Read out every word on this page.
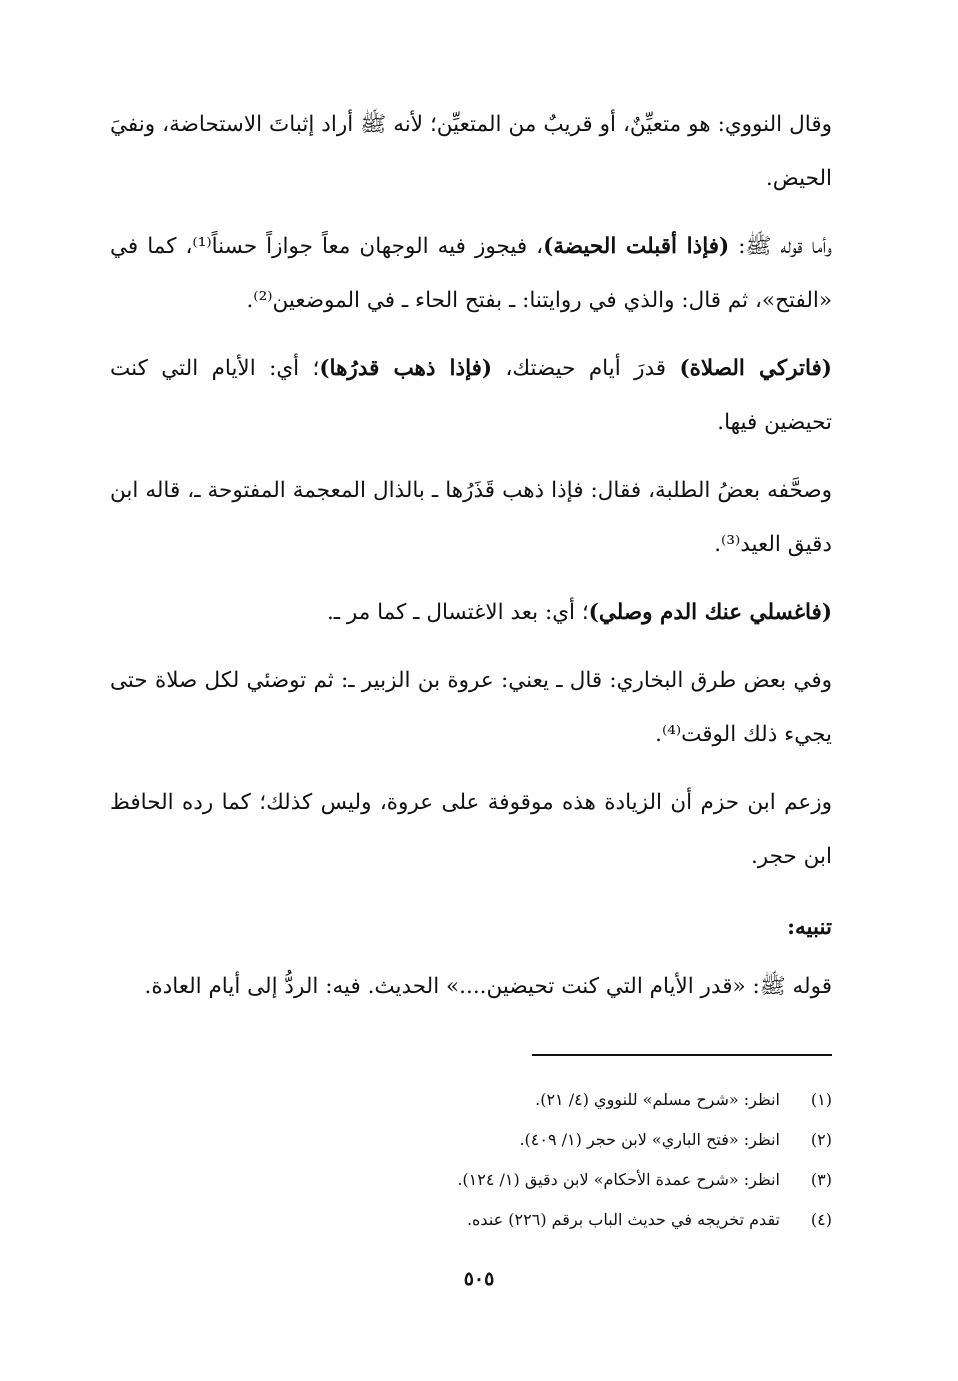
وقال النووي: هو متعيِّنٌ، أو قريبٌ من المتعيِّن؛ لأنه ﷺ أراد إثباتَ الاستحاضة، ونفيَ الحيض.

وأما قوله ﷺ: (فإذا أقبلت الحيضة)، فيجوز فيه الوجهان معاً جوازاً حسناً⁽¹⁾، كما في «الفتح»، ثم قال: والذي في روايتنا: ـ بفتح الحاء ـ في الموضعين⁽²⁾.

(فاتركي الصلاة) قدرَ أيام حيضتك، (فإذا ذهب قدرُها)؛ أي: الأيام التي كنت تحيضين فيها.

وصحَّفه بعضُ الطلبة، فقال: فإذا ذهب قَذَرُها ـ بالذال المعجمة المفتوحة ـ، قاله ابن دقيق العيد⁽³⁾.

(فاغسلي عنك الدم وصلي)؛ أي: بعد الاغتسال ـ كما مر ـ.

وفي بعض طرق البخاري: قال ـ يعني: عروة بن الزبير ـ: ثم توضئي لكل صلاة حتى يجيء ذلك الوقت⁽⁴⁾.

وزعم ابن حزم أن الزيادة هذه موقوفة على عروة، وليس كذلك؛ كما رده الحافظ ابن حجر.

تنبيه:

قوله ﷺ: «قدر الأيام التي كنت تحيضين....» الحديث. فيه: الردُّ إلى أيام العادة.

(١)
انظر: «شرح مسلم» للنووي (٤/ ٢١).
(٢)
انظر: «فتح الباري» لابن حجر (١/ ٤٠٩).
(٣)
انظر: «شرح عمدة الأحكام» لابن دقيق (١/ ١٢٤).
(٤)
تقدم تخريجه في حديث الباب برقم (٢٢٦) عنده.
٥٠٥
